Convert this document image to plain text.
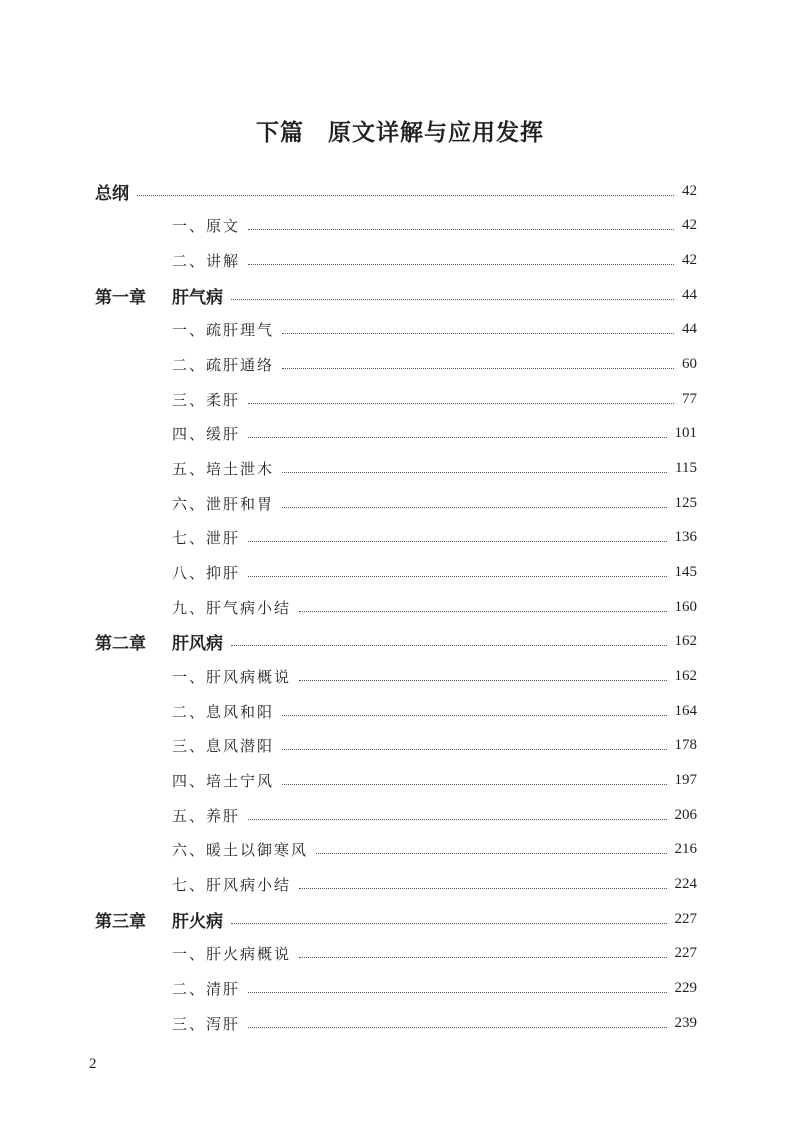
下篇　原文详解与应用发挥
总纲	42
一、原文	42
二、讲解	42
第一章	肝气病	44
一、疏肝理气	44
二、疏肝通络	60
三、柔肝	77
四、缓肝	101
五、培土泄木	115
六、泄肝和胃	125
七、泄肝	136
八、抑肝	145
九、肝气病小结	160
第二章	肝风病	162
一、肝风病概说	162
二、息风和阳	164
三、息风潜阳	178
四、培土宁风	197
五、养肝	206
六、暖土以御寒风	216
七、肝风病小结	224
第三章	肝火病	227
一、肝火病概说	227
二、清肝	229
三、泻肝	239
2
